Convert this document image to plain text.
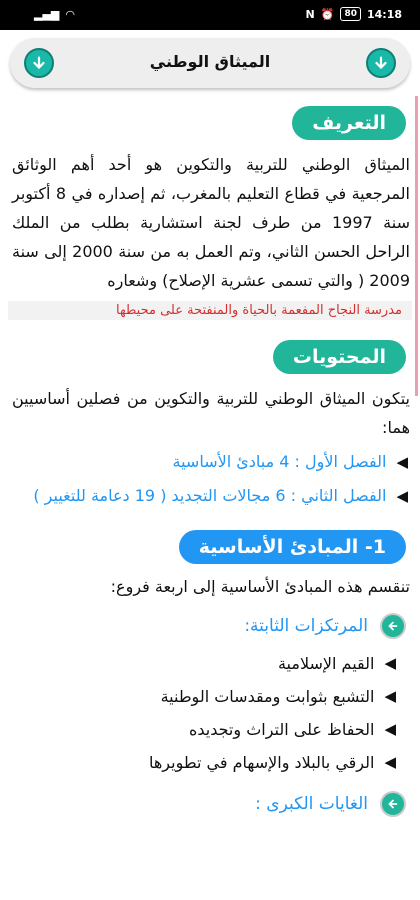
▂▄▆ ◠	N ⏰	80 14:18
الميثاق الوطني
التعريف

الميثاق الوطني للتربية والتكوين هو أحد أهم الوثائق المرجعية في قطاع التعليم بالمغرب، ثم إصداره في 8 أكتوبر سنة 1997 من طرف لجنة استشارية بطلب من الملك الراحل الحسن الثاني، وتم العمل به من سنة 2000 إلى سنة 2009 ( والتي تسمى عشرية الإصلاح) وشعاره

مدرسة النجاح المفعمة بالحياة والمنفتحة على محيطها
المحتويات

يتكون الميثاق الوطني للتربية والتكوين من فصلين أساسيين هما:

◀
الفصل الأول : 4 مبادئ الأساسية
◀
الفصل الثاني : 6 مجالات التجديد ( 19 دعامة للتغيير )
1- المبادئ الأساسية

تنقسم هذه المبادئ الأساسية إلى اربعة فروع:

المرتكزات الثابتة:
◀
القيم الإسلامية
◀
التشبع بثوابت ومقدسات الوطنية
◀
الحفاظ على التراث وتجديده
◀
الرقي بالبلاد والإسهام في تطويرها
الغايات الكبرى :
